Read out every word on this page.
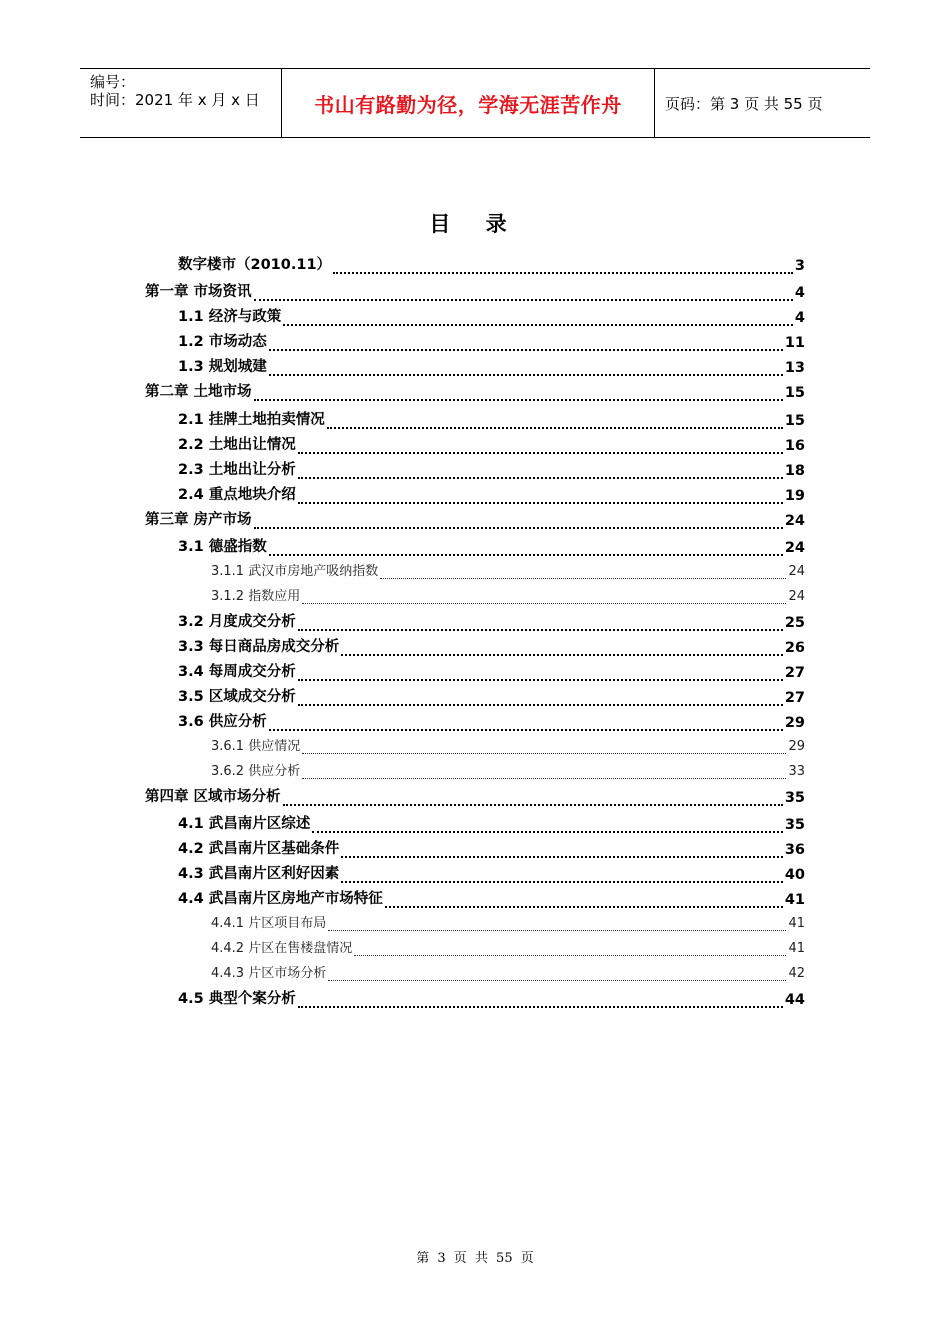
编号：
时间：2021 年 x 月 x 日	书山有路勤为径，学海无涯苦作舟	页码：第 3 页 共 55 页
目 录
数字楼市（2010.11）	3
第一章 市场资讯	4
1.1 经济与政策	4
1.2 市场动态	11
1.3 规划城建	13
第二章 土地市场	15
2.1 挂牌土地拍卖情况	15
2.2 土地出让情况	16
2.3 土地出让分析	18
2.4 重点地块介绍	19
第三章 房产市场	24
3.1 德盛指数	24
3.1.1 武汉市房地产吸纳指数	24
3.1.2 指数应用	24
3.2 月度成交分析	25
3.3 每日商品房成交分析	26
3.4 每周成交分析	27
3.5 区域成交分析	27
3.6 供应分析	29
3.6.1 供应情况	29
3.6.2 供应分析	33
第四章 区域市场分析	35
4.1 武昌南片区综述	35
4.2 武昌南片区基础条件	36
4.3 武昌南片区利好因素	40
4.4 武昌南片区房地产市场特征	41
4.4.1 片区项目布局	41
4.4.2 片区在售楼盘情况	41
4.4.3 片区市场分析	42
4.5 典型个案分析	44
第 3 页 共 55 页
